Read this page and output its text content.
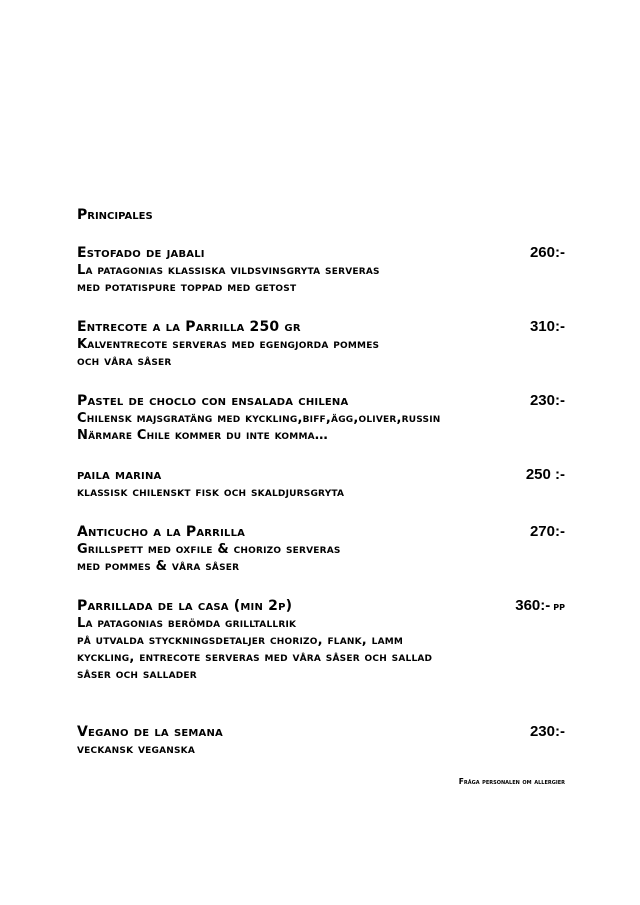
Principales
Estofado de jabali	260:-
La patagonias klassiska vildsvinsgryta serveras
med potatispure toppad med getost
Entrecote a la Parrilla 250 gr	310:-
Kalventrecote serveras med egengjorda pommes
och våra såser
Pastel de choclo con ensalada chilena	230:-
Chilensk majsgratäng med kyckling,biff,ägg,oliver,russin
Närmare Chile kommer du inte komma…
paila marina	250 :-
klassisk chilenskt fisk och skaldjursgryta
Anticucho a la Parrilla	270:-
Grillspett med oxfile & chorizo serveras
med pommes & våra såser
Parrillada de la casa (min 2p)	360:- pp
La patagonias berömda grilltallrik
på utvalda styckningsdetaljer chorizo, flank, lamm
kyckling, entrecote serveras med våra såser och sallad
såser och sallader
Vegano de la semana	230:-
veckansk veganska
Fråga personalen om allergier
